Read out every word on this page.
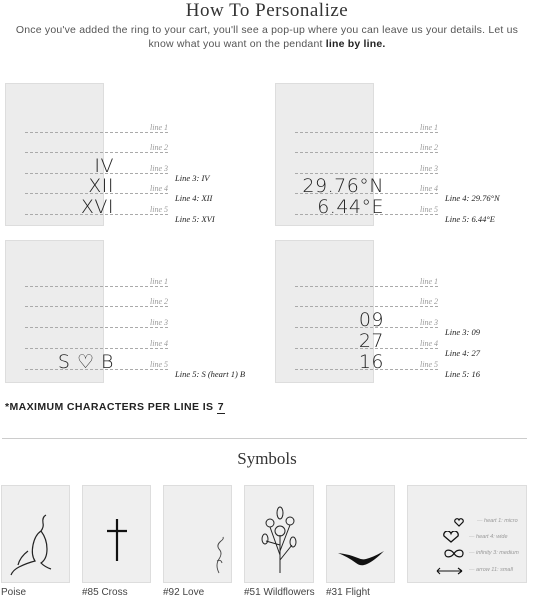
How To Personalize
Once you've added the ring to your cart, you'll see a pop-up where you can leave us your details. Let us know what you want on the pendant line by line.
line 1
line 2
line 3
IV
Line 3: IV
line 4
XII
Line 4: XII
line 5
XVI
Line 5: XVI
line 1
line 2
line 3
line 4
29.76°N
Line 4: 29.76°N
line 5
6.44°E
Line 5: 6.44°E
line 1
line 2
line 3
line 4
line 5
S ♡ B
Line 5: S (heart 1) B
line 1
line 2
line 3
09
Line 3: 09
line 4
27
Line 4: 27
line 5
16
Line 5: 16
*MAXIMUM CHARACTERS PER LINE IS 7
Symbols
Poise	#85 Cross	#92 Love	#51 Wildflowers #31 Flight
— heart 1: micro
— heart 4: wide
— infinity 3: medium
— arrow 11: small
